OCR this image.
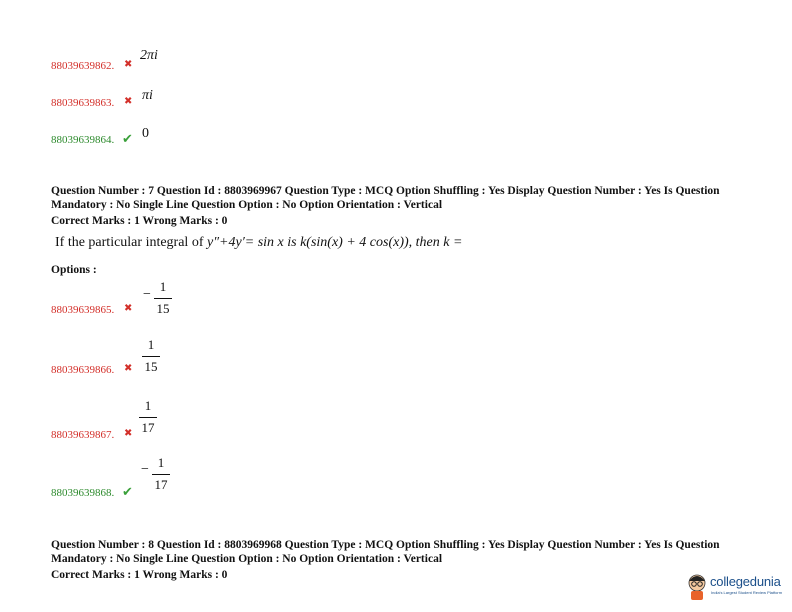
88039639862. ✖
2πi
88039639863. ✖ πi
88039639864. ✔ 0
Question Number : 7 Question Id : 8803969967 Question Type : MCQ Option Shuffling : Yes Display Question Number : Yes Is Question
Mandatory : No Single Line Question Option : No Option Orientation : Vertical
Correct Marks : 1 Wrong Marks : 0
If the particular integral of y″+4y′= sin x is k(sin(x) + 4 cos(x)), then k =
Options :
88039639865. ✖
−
1
15
88039639866. ✖
1
15
88039639867. ✖
1
17
88039639868. ✔
− 1
17
Question Number : 8 Question Id : 8803969968 Question Type : MCQ Option Shuffling : Yes Display Question Number : Yes Is Question
Mandatory : No Single Line Question Option : No Option Orientation : Vertical
Correct Marks : 1 Wrong Marks : 0	collegedunia
India's Largest Student Review Platform
